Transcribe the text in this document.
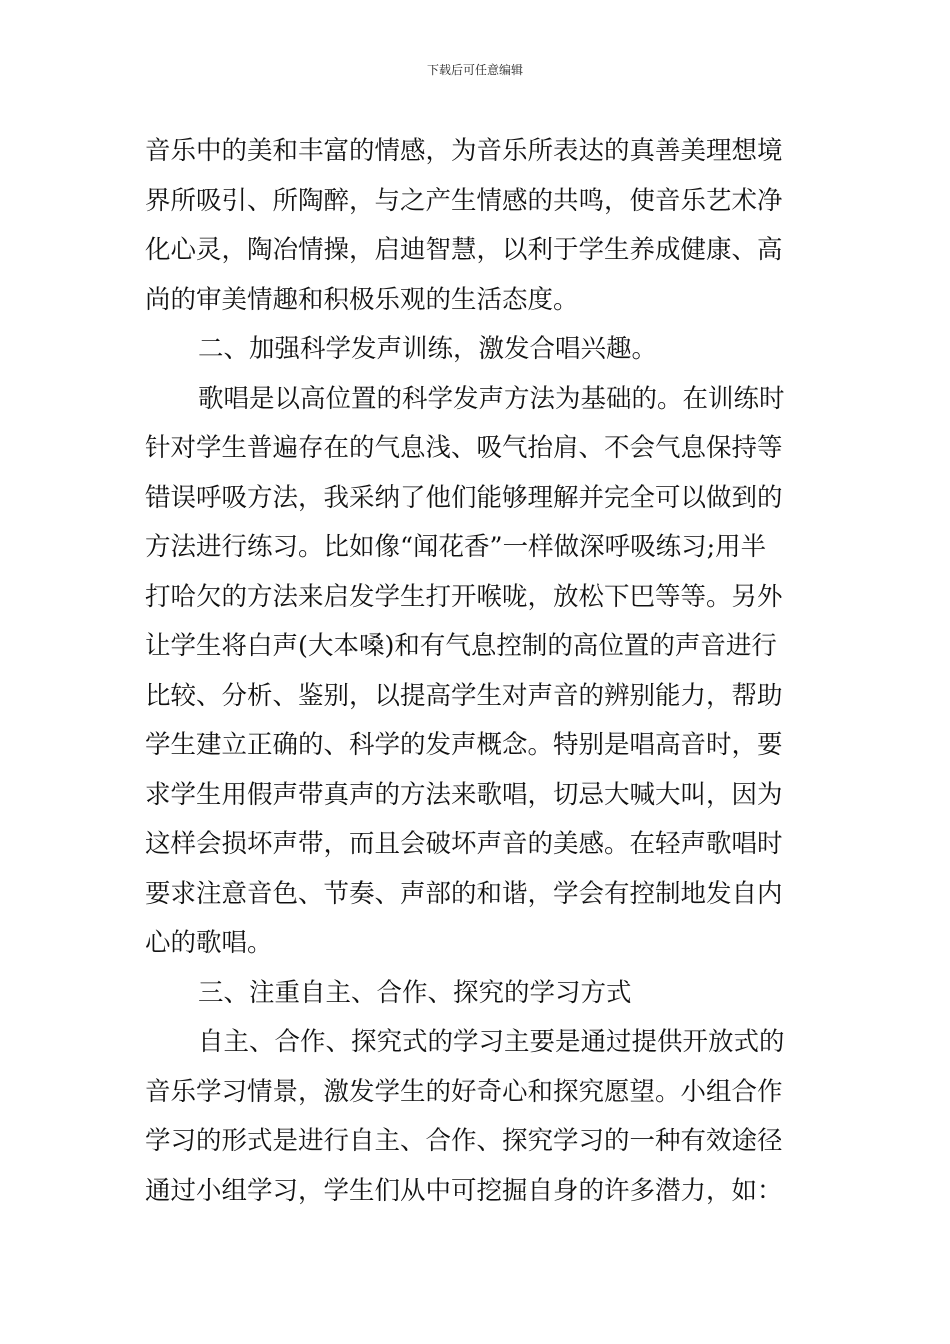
下载后可任意编辑
音乐中的美和丰富的情感，为音乐所表达的真善美理想境
界所吸引、所陶醉，与之产生情感的共鸣，使音乐艺术净
化心灵，陶冶情操，启迪智慧，以利于学生养成健康、高
尚的审美情趣和积极乐观的生活态度。
二、加强科学发声训练，激发合唱兴趣。
歌唱是以高位置的科学发声方法为基础的。在训练时
针对学生普遍存在的气息浅、吸气抬肩、不会气息保持等
错误呼吸方法，我采纳了他们能够理解并完全可以做到的
方法进行练习。比如像“闻花香”一样做深呼吸练习;用半
打哈欠的方法来启发学生打开喉咙，放松下巴等等。另外
让学生将白声(大本嗓)和有气息控制的高位置的声音进行
比较、分析、鉴别，以提高学生对声音的辨别能力，帮助
学生建立正确的、科学的发声概念。特别是唱高音时，要
求学生用假声带真声的方法来歌唱，切忌大喊大叫，因为
这样会损坏声带，而且会破坏声音的美感。在轻声歌唱时
要求注意音色、节奏、声部的和谐，学会有控制地发自内
心的歌唱。
三、注重自主、合作、探究的学习方式
自主、合作、探究式的学习主要是通过提供开放式的
音乐学习情景，激发学生的好奇心和探究愿望。小组合作
学习的形式是进行自主、合作、探究学习的一种有效途径
通过小组学习，学生们从中可挖掘自身的许多潜力，如：
